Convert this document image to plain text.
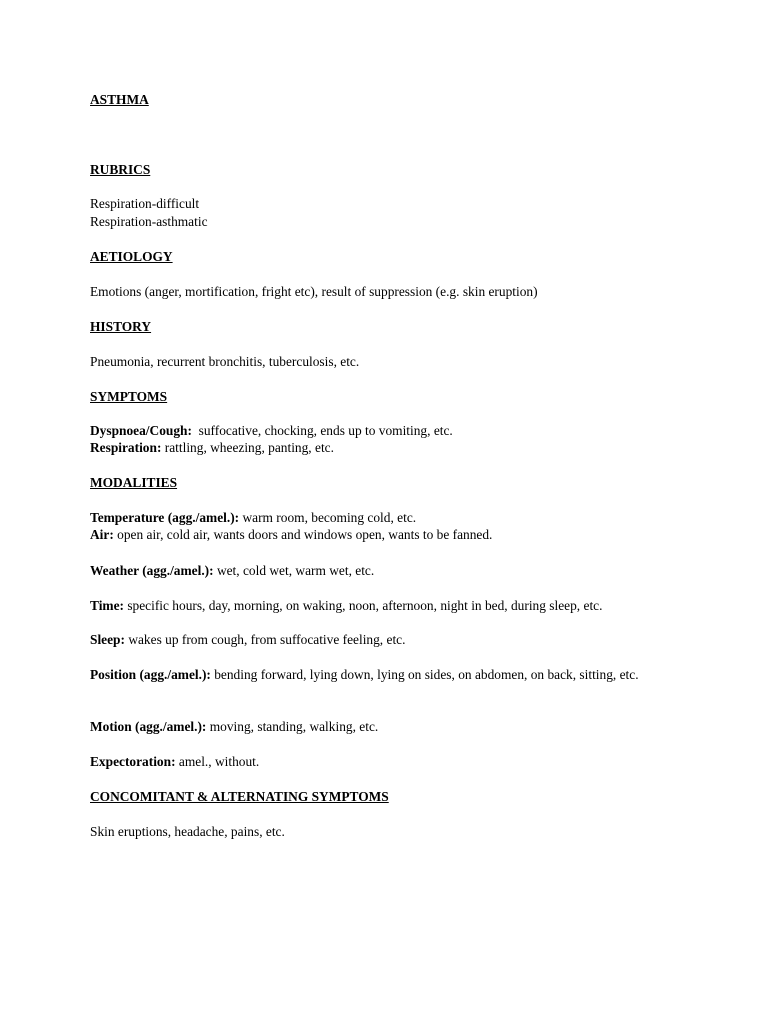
ASTHMA
RUBRICS
Respiration-difficult
Respiration-asthmatic
AETIOLOGY
Emotions (anger, mortification, fright etc), result of suppression (e.g. skin eruption)
HISTORY
Pneumonia, recurrent bronchitis, tuberculosis, etc.
SYMPTOMS
Dyspnoea/Cough:  suffocative, chocking, ends up to vomiting, etc.
Respiration: rattling, wheezing, panting, etc.
MODALITIES
Temperature (agg./amel.): warm room, becoming cold, etc.
Air: open air, cold air, wants doors and windows open, wants to be fanned.
Weather (agg./amel.): wet, cold wet, warm wet, etc.
Time: specific hours, day, morning, on waking, noon, afternoon, night in bed, during sleep, etc.
Sleep: wakes up from cough, from suffocative feeling, etc.
Position (agg./amel.): bending forward, lying down, lying on sides, on abdomen, on back, sitting, etc.
Motion (agg./amel.): moving, standing, walking, etc.
Expectoration: amel., without.
CONCOMITANT & ALTERNATING SYMPTOMS
Skin eruptions, headache, pains, etc.
